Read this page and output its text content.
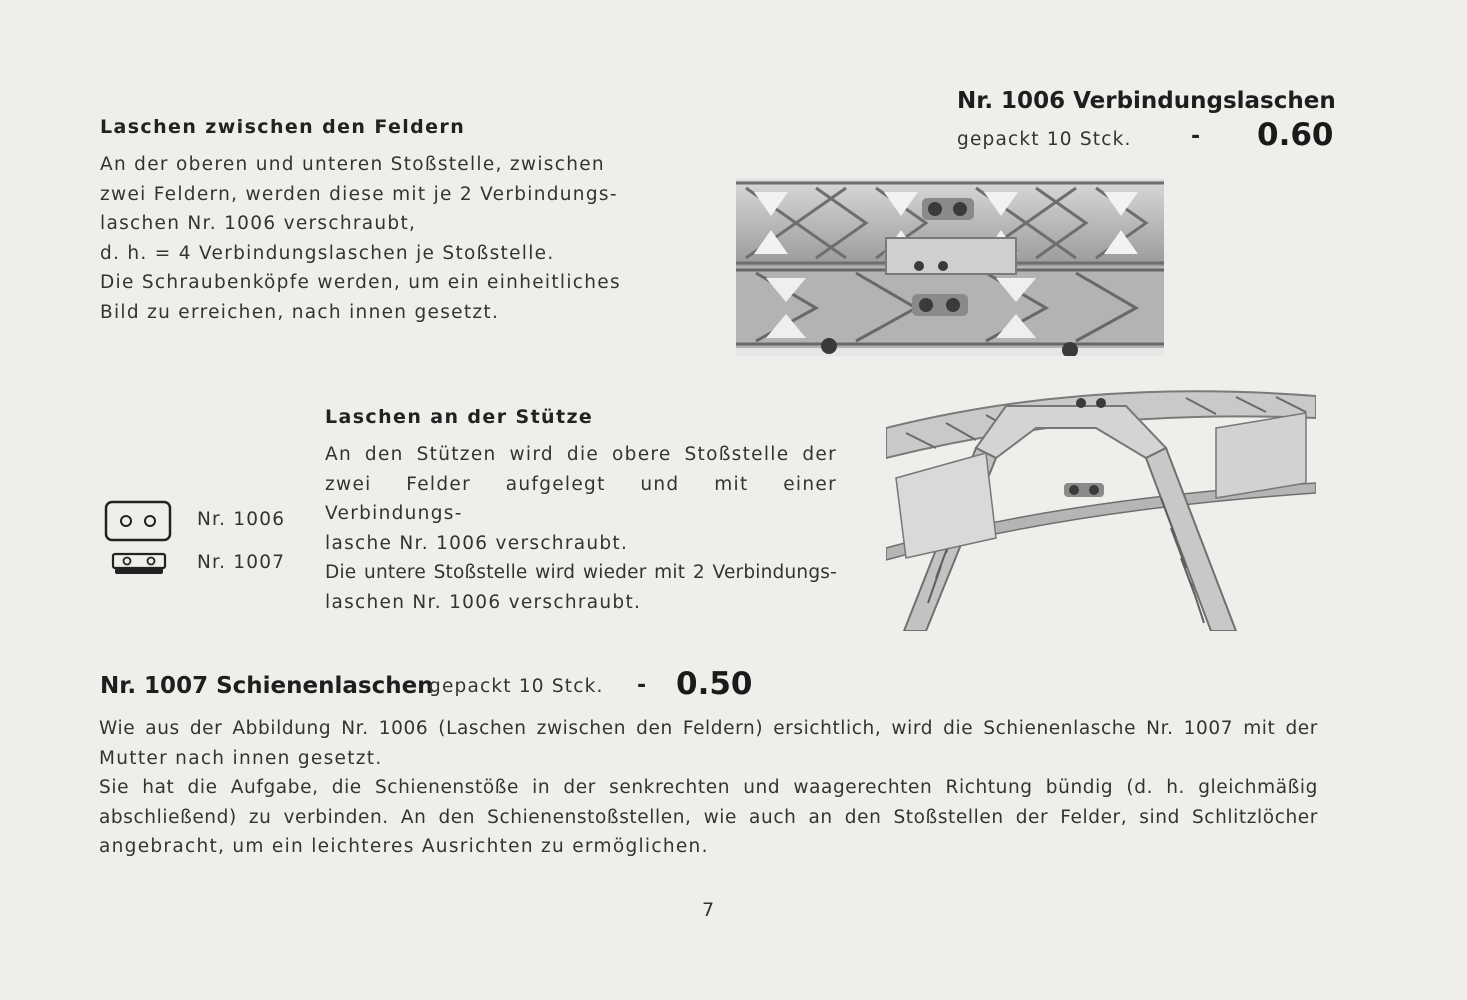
Laschen zwischen den Feldern

An der oberen und unteren Stoßstelle, zwischen

zwei Feldern, werden diese mit je 2 Verbindungs-

laschen Nr. 1006 verschraubt,

d. h. = 4 Verbindungslaschen je Stoßstelle.

Die Schraubenköpfe werden, um ein einheitliches

Bild zu erreichen, nach innen gesetzt.

Nr. 1006 Verbindungslaschen
gepackt 10 Stck.	- 0.60
Laschen an der Stütze

An den Stützen wird die obere Stoßstelle der

zwei Felder aufgelegt und mit einer Verbindungs-

lasche Nr. 1006 verschraubt.

Die untere Stoßstelle wird wieder mit 2 Verbindungs-

laschen Nr. 1006 verschraubt.

Nr. 1006
Nr. 1007
Nr. 1007 Schienenlaschen
gepackt 10 Stck. - 0.50

Wie aus der Abbildung Nr. 1006 (Laschen zwischen den Feldern) ersichtlich, wird die Schienenlasche Nr. 1007 mit der

Mutter nach innen gesetzt.

Sie hat die Aufgabe, die Schienenstöße in der senkrechten und waagerechten Richtung bündig (d. h. gleichmäßig

abschließend) zu verbinden. An den Schienenstoßstellen, wie auch an den Stoßstellen der Felder, sind Schlitzlöcher

angebracht, um ein leichteres Ausrichten zu ermöglichen.

7
